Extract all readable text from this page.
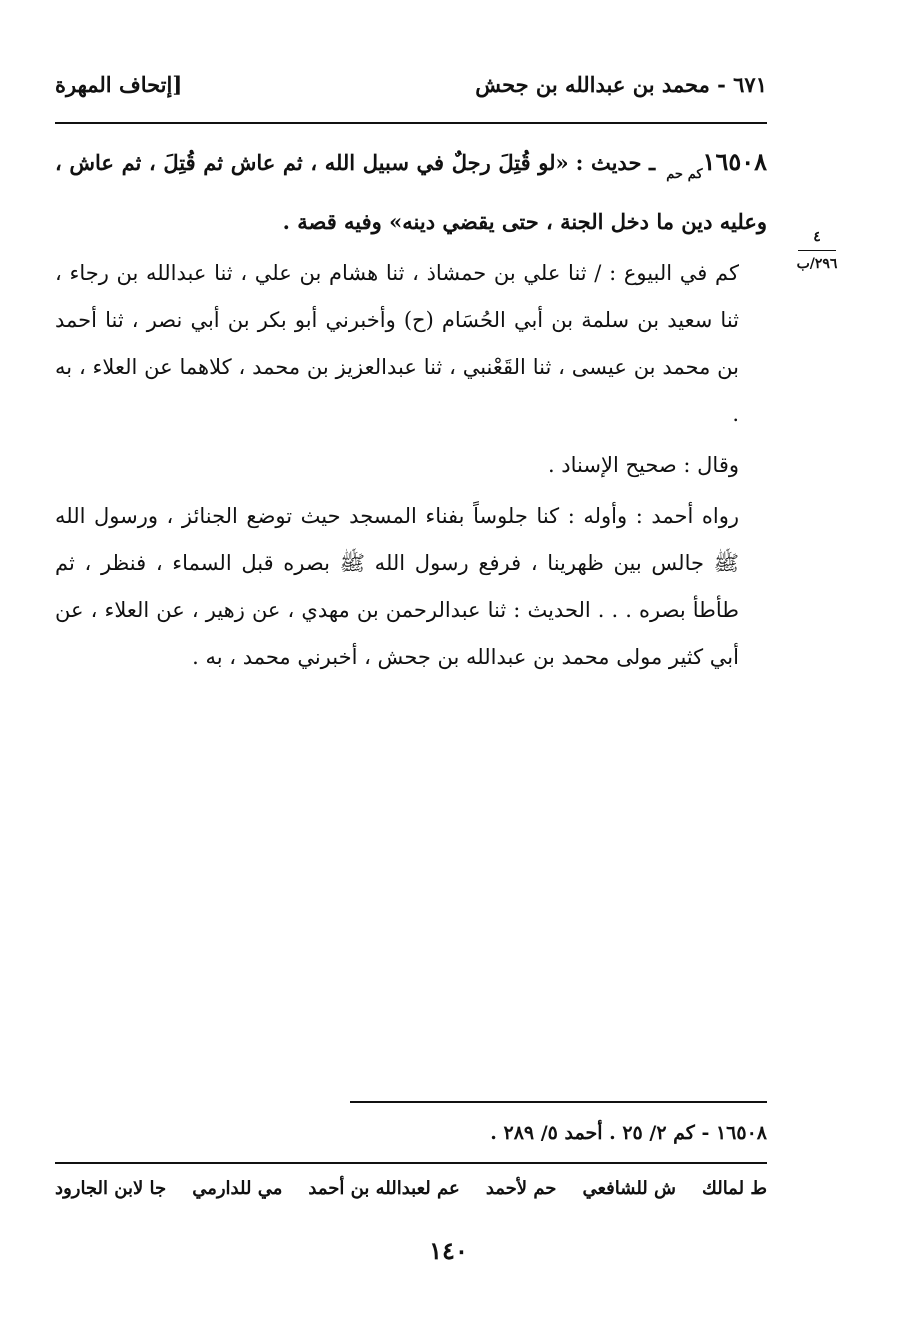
٦٧١ - محمد بن عبدالله بن جحش
[إتحاف المهرة
٤
٢٩٦/ب

$١٦٥٠٨_{كم حم}$ ـ حديث : «لو قُتِلَ رجلٌ في سبيل الله ، ثم عاش ثم قُتِلَ ، ثم عاش ، وعليه دين ما دخل الجنة ، حتى يقضي دينه» وفيه قصة .

كم في البيوع : / ثنا علي بن حمشاذ ، ثنا هشام بن علي ، ثنا عبدالله بن رجاء ، ثنا سعيد بن سلمة بن أبي الحُسَام (ح) وأخبرني أبو بكر بن أبي نصر ، ثنا أحمد بن محمد بن عيسى ، ثنا القَعْنبي ، ثنا عبدالعزيز بن محمد ، كلاهما عن العلاء ، به .

وقال : صحيح الإسناد .

رواه أحمد : وأوله : كنا جلوساً بفناء المسجد حيث توضع الجنائز ، ورسول الله ﷺ جالس بين ظهرينا ، فرفع رسول الله ﷺ بصره قبل السماء ، فنظر ، ثم طأطأ بصره . . . الحديث : ثنا عبدالرحمن بن مهدي ، عن زهير ، عن العلاء ، عن أبي كثير مولى محمد بن عبدالله بن جحش ، أخبرني محمد ، به .

١٦٥٠٨ - كم ٢/ ٢٥ . أحمد ٥/ ٢٨٩ .
ط لمالك
ش للشافعي
حم لأحمد
عم لعبدالله بن أحمد
مي للدارمي
جا لابن الجارود
١٤٠
